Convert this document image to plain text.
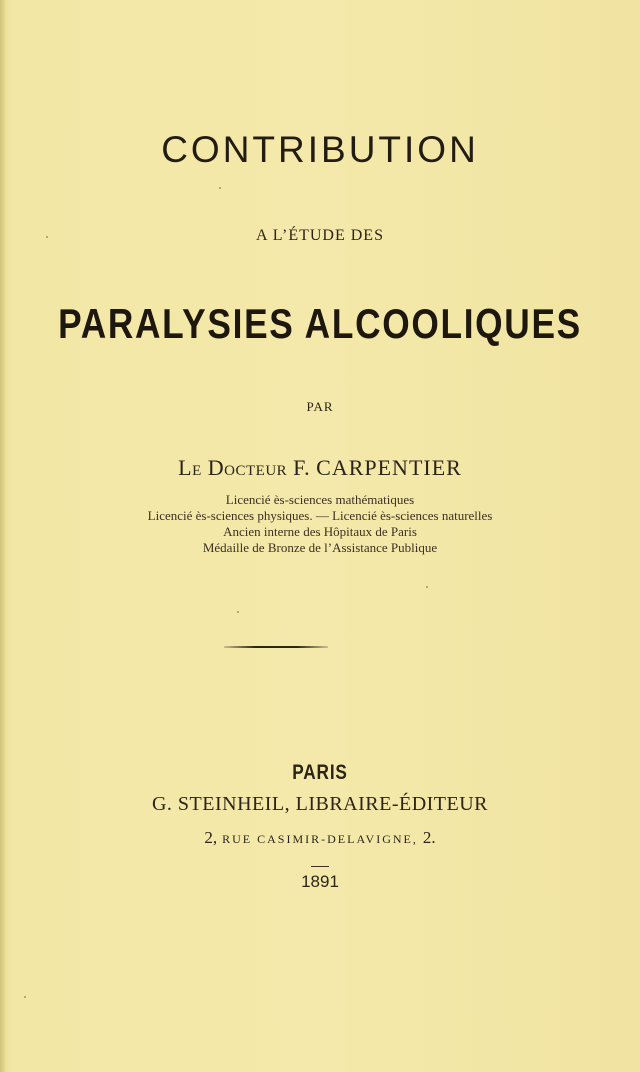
CONTRIBUTION

A L’ÉTUDE DES

PARALYSIES ALCOOLIQUES

PAR

Le Docteur F. CARPENTIER

Licencié ès-sciences mathématiques

Licencié ès-sciences physiques. — Licencié ès-sciences naturelles

Ancien interne des Hôpitaux de Paris

Médaille de Bronze de l’Assistance Publique

PARIS

G. STEINHEIL, LIBRAIRE-ÉDITEUR

2, RUE CASIMIR-DELAVIGNE, 2.

1891
